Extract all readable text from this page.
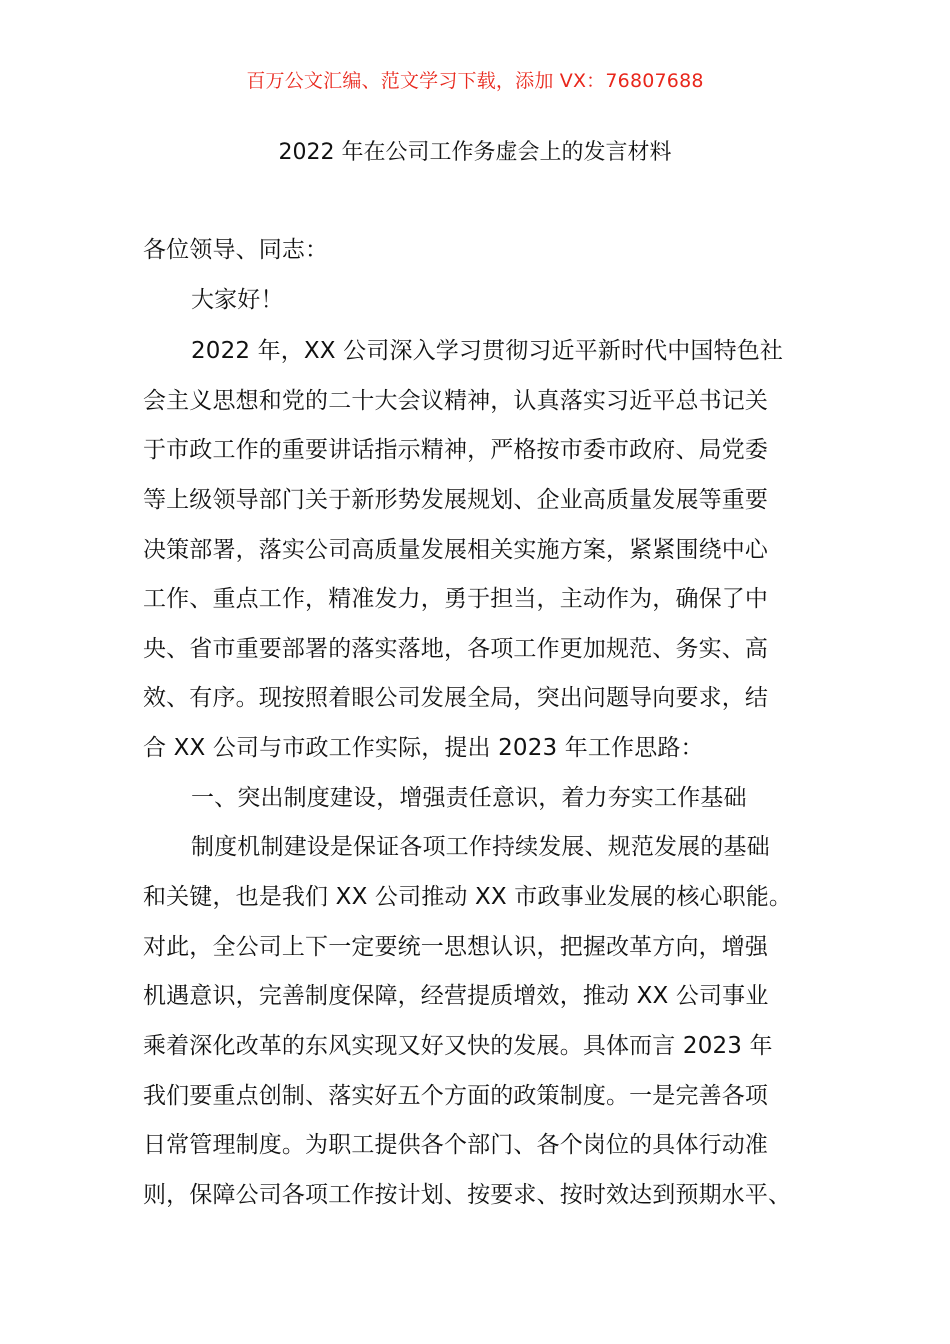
百万公文汇编、范文学习下载，添加 VX：76807688
2022 年在公司工作务虚会上的发言材料
各位领导、同志：
大家好！
2022 年，XX 公司深入学习贯彻习近平新时代中国特色社
会主义思想和党的二十大会议精神，认真落实习近平总书记关
于市政工作的重要讲话指示精神，严格按市委市政府、局党委
等上级领导部门关于新形势发展规划、企业高质量发展等重要
决策部署，落实公司高质量发展相关实施方案，紧紧围绕中心
工作、重点工作，精准发力，勇于担当，主动作为，确保了中
央、省市重要部署的落实落地，各项工作更加规范、务实、高
效、有序。现按照着眼公司发展全局，突出问题导向要求，结
合 XX 公司与市政工作实际，提出 2023 年工作思路：
一、突出制度建设，增强责任意识，着力夯实工作基础
制度机制建设是保证各项工作持续发展、规范发展的基础
和关键，也是我们 XX 公司推动 XX 市政事业发展的核心职能。
对此，全公司上下一定要统一思想认识，把握改革方向，增强
机遇意识，完善制度保障，经营提质增效，推动 XX 公司事业
乘着深化改革的东风实现又好又快的发展。具体而言 2023 年
我们要重点创制、落实好五个方面的政策制度。一是完善各项
日常管理制度。为职工提供各个部门、各个岗位的具体行动准
则，保障公司各项工作按计划、按要求、按时效达到预期水平、
